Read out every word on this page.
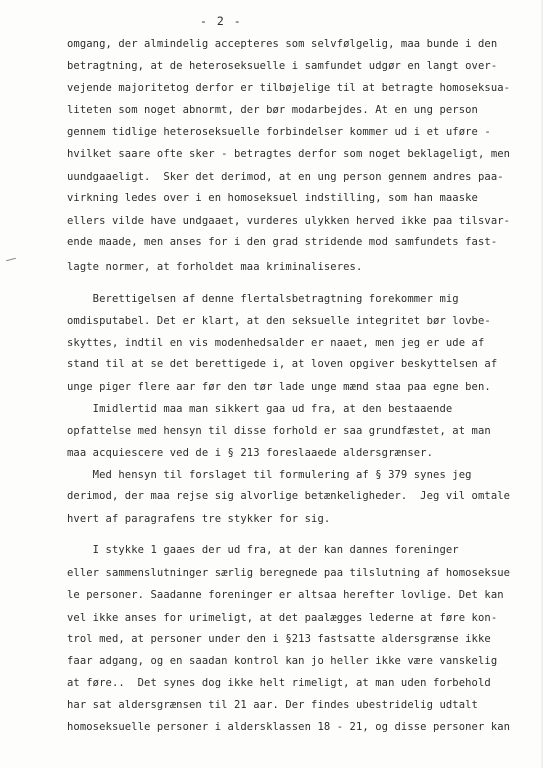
- 2 -
omgang, der almindelig accepteres som selvfølgelig, maa bunde i den
betragtning, at de heteroseksuelle i samfundet udgør en langt over-
vejende majoritetog derfor er tilbøjelige til at betragte homoseksua-
liteten som noget abnormt, der bør modarbejdes. At en ung person
gennem tidlige heteroseksuelle forbindelser kommer ud i et uføre -
hvilket saare ofte sker - betragtes derfor som noget beklageligt, men
uundgaaeligt.  Sker det derimod, at en ung person gennem andres paa-
virkning ledes over i en homoseksuel indstilling, som han maaske
ellers vilde have undgaaet, vurderes ulykken herved ikke paa tilsvar-
ende maade, men anses for i den grad stridende mod samfundets fast-
lagte normer, at forholdet maa kriminaliseres.
Berettigelsen af denne flertalsbetragtning forekommer mig
omdisputabel. Det er klart, at den seksuelle integritet bør lovbe-
skyttes, indtil en vis modenhedsalder er naaet, men jeg er ude af
stand til at se det berettigede i, at loven opgiver beskyttelsen af
unge piger flere aar før den tør lade unge mænd staa paa egne ben.
Imidlertid maa man sikkert gaa ud fra, at den bestaaende
opfattelse med hensyn til disse forhold er saa grundfæstet, at man
maa acquiescere ved de i § 213 foreslaaede aldersgrænser.
Med hensyn til forslaget til formulering af § 379 synes jeg
derimod, der maa rejse sig alvorlige betænkeligheder.  Jeg vil omtale
hvert af paragrafens tre stykker for sig.
I stykke 1 gaaes der ud fra, at der kan dannes foreninger
eller sammenslutninger særlig beregnede paa tilslutning af homoseksue
le personer. Saadanne foreninger er altsaa herefter lovlige. Det kan
vel ikke anses for urimeligt, at det paalægges lederne at føre kon-
trol med, at personer under den i §213 fastsatte aldersgrænse ikke
faar adgang, og en saadan kontrol kan jo heller ikke være vanskelig
at føre..  Det synes dog ikke helt rimeligt, at man uden forbehold
har sat aldersgrænsen til 21 aar. Der findes ubestridelig udtalt
homoseksuelle personer i aldersklassen 18 - 21, og disse personer kan
